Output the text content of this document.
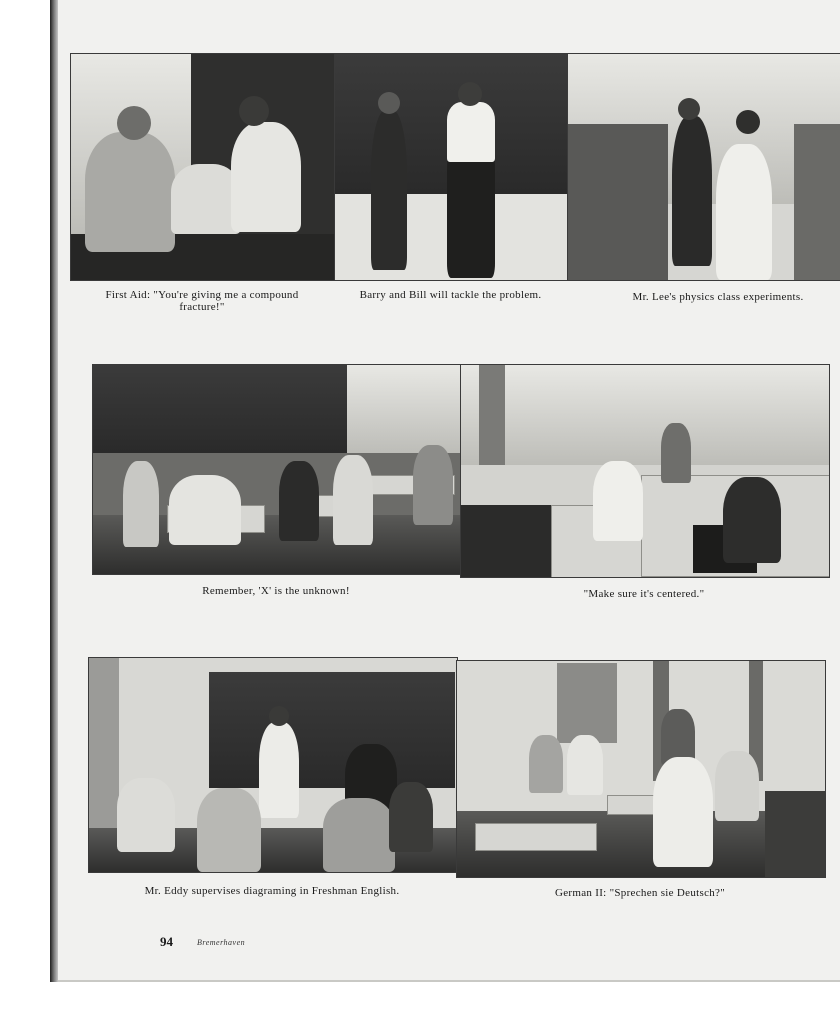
First Aid: "You're giving me a compound fracture!"
Barry and Bill will tackle the problem.	Mr. Lee's physics class experiments.
Remember, 'X' is the unknown!	"Make sure it's centered."
Mr. Eddy supervises diagraming in Freshman English.	German II: "Sprechen sie Deutsch?"
94	Bremerhaven
